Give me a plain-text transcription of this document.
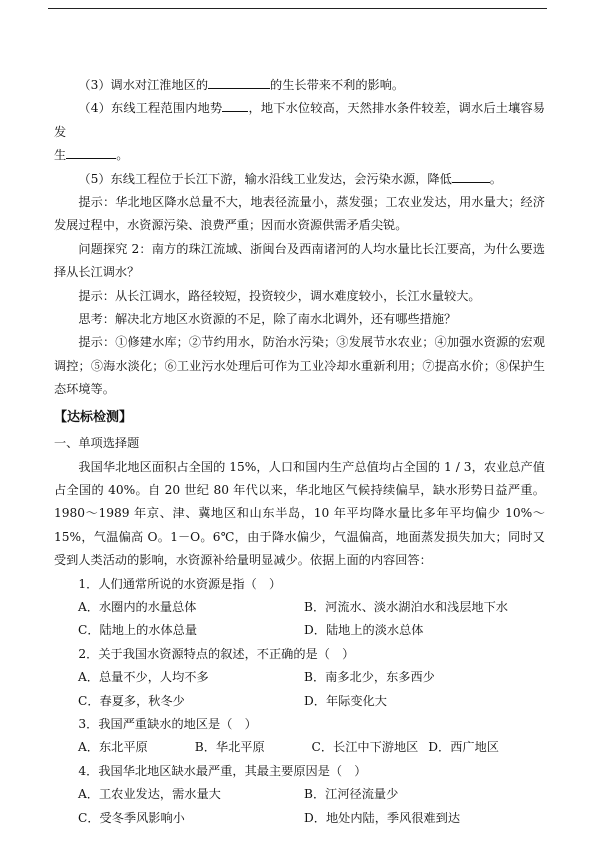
（3）调水对江淮地区的	的生长带来不利的影响。

（4）东线工程范围内地势 ，地下水位较高，天然排水条件较差，调水后土壤容易发
生	。

（5）东线工程位于长江下游，输水沿线工业发达，会污染水源，降低	。

提示：华北地区降水总量不大，地表径流量小，蒸发强；工农业发达，用水量大；经济发展过程中，水资源污染、浪费严重；因而水资源供需矛盾尖锐。

问题探究 2：南方的珠江流域、浙闽台及西南诸河的人均水量比长江要高，为什么要选择从长江调水？

提示：从长江调水，路径较短，投资较少，调水难度较小，长江水量较大。

思考：解决北方地区水资源的不足，除了南水北调外，还有哪些措施？

提示：①修建水库；②节约用水，防治水污染；③发展节水农业；④加强水资源的宏观调控；⑤海水淡化；⑥工业污水处理后可作为工业冷却水重新利用；⑦提高水价；⑧保护生态环境等。

【达标检测】

一、单项选择题

我国华北地区面积占全国的 15%，人口和国内生产总值均占全国的 1 / 3，农业总产值占全国的 40%。自 20 世纪 80 年代以来，华北地区气候持续偏旱，缺水形势日益严重。1980～1989 年京、津、冀地区和山东半岛，10 年平均降水量比多年平均偏少 10%～15%，气温偏高 O。1－O。6℃，由于降水偏少，气温偏高，地面蒸发损失加大；同时又受到人类活动的影响，水资源补给量明显减少。依据上面的内容回答：

1．人们通常所说的水资源是指（　）

A．水圈内的水量总体	B．河流水、淡水湖泊水和浅层地下水
C．陆地上的水体总量	D．陆地上的淡水总体

2．关于我国水资源特点的叙述，不正确的是（　）

A．总量不少，人均不多	B．南多北少，东多西少
C．春夏多，秋冬少	D．年际变化大

3．我国严重缺水的地区是（　）

A．东北平原	B．华北平原	C．长江中下游地区 D．西广地区

4．我国华北地区缺水最严重，其最主要原因是（　）

A．工农业发达，需水量大	B．江河径流量少
C．受冬季风影响小	D．地处内陆，季风很难到达
